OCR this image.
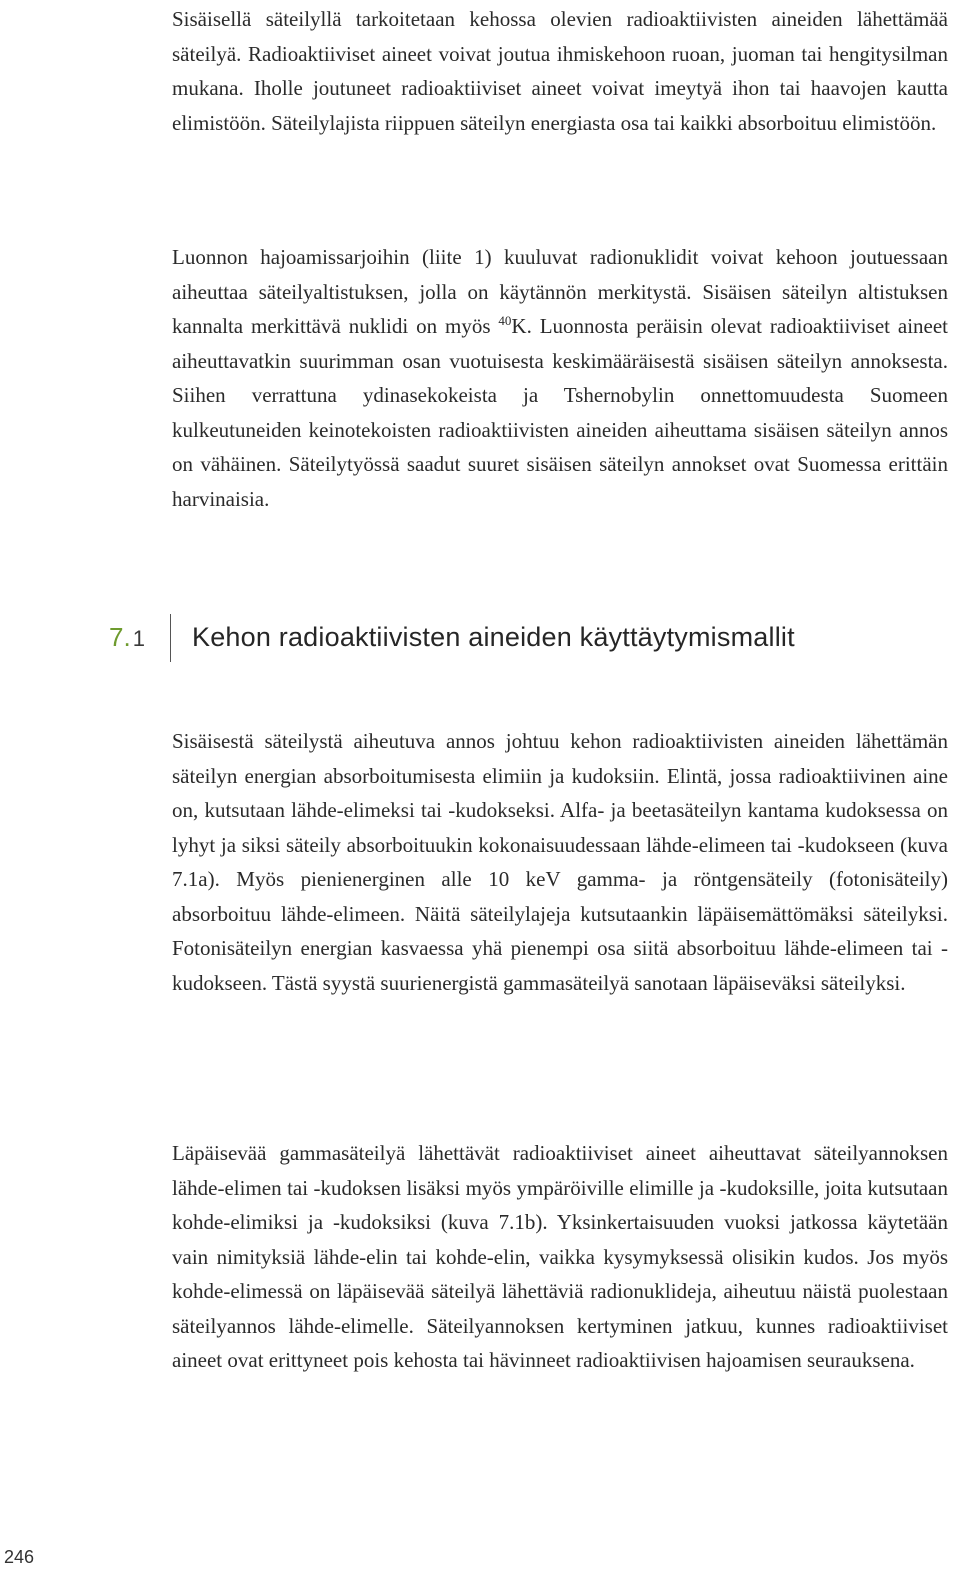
Sisäisellä säteilyllä tarkoitetaan kehossa olevien radioaktiivisten aineiden lähettämää säteilyä. Radioaktiiviset aineet voivat joutua ihmiskehoon ruoan, juoman tai hengitysilman mukana. Iholle joutuneet radioaktiiviset aineet voivat imeytyä ihon tai haavojen kautta elimistöön. Säteilylajista riippuen säteilyn energiasta osa tai kaikki absorboituu elimistöön.

Luonnon hajoamissarjoihin (liite 1) kuuluvat radionuklidit voivat kehoon joutuessaan aiheuttaa säteilyaltistuksen, jolla on käytännön merkitystä. Sisäisen säteilyn altistuksen kannalta merkittävä nuklidi on myös $^{40}$K. Luonnosta peräisin olevat radioaktiiviset aineet aiheuttavatkin suurimman osan vuotuisesta keskimääräisestä sisäisen säteilyn annoksesta. Siihen verrattuna ydinasekokeista ja Tshernobylin onnettomuudesta Suomeen kulkeutuneiden keinotekoisten radioaktiivisten aineiden aiheuttama sisäisen säteilyn annos on vähäinen. Säteilytyössä saadut suuret sisäisen säteilyn annokset ovat Suomessa erittäin harvinaisia.

7.1 Kehon radioaktiivisten aineiden käyttäytymismallit

Sisäisestä säteilystä aiheutuva annos johtuu kehon radioaktiivisten aineiden lähettämän säteilyn energian absorboitumisesta elimiin ja kudoksiin. Elintä, jossa radioaktiivinen aine on, kutsutaan lähde-elimeksi tai -kudokseksi. Alfa- ja beetasäteilyn kantama kudoksessa on lyhyt ja siksi säteily absorboituukin kokonaisuudessaan lähde-elimeen tai -kudokseen (kuva 7.1a). Myös pienienerginen alle 10 keV gamma- ja röntgensäteily (fotonisäteily) absorboituu lähde-elimeen. Näitä säteilylajeja kutsutaankin läpäisemättömäksi säteilyksi. Fotonisäteilyn energian kasvaessa yhä pienempi osa siitä absorboituu lähde-elimeen tai -kudokseen. Tästä syystä suurienergistä gammasäteilyä sanotaan läpäiseväksi säteilyksi.

Läpäisevää gammasäteilyä lähettävät radioaktiiviset aineet aiheuttavat säteilyannoksen lähde-elimen tai -kudoksen lisäksi myös ympäröiville elimille ja -kudoksille, joita kutsutaan kohde-elimiksi ja -kudoksiksi (kuva 7.1b). Yksinkertaisuuden vuoksi jatkossa käytetään vain nimityksiä lähde-elin tai kohde-elin, vaikka kysymyksessä olisikin kudos. Jos myös kohde-elimessä on läpäisevää säteilyä lähettäviä radionuklideja, aiheutuu näistä puolestaan säteilyannos lähde-elimelle. Säteilyannoksen kertyminen jatkuu, kunnes radioaktiiviset aineet ovat erittyneet pois kehosta tai hävinneet radioaktiivisen hajoamisen seurauksena.

246
